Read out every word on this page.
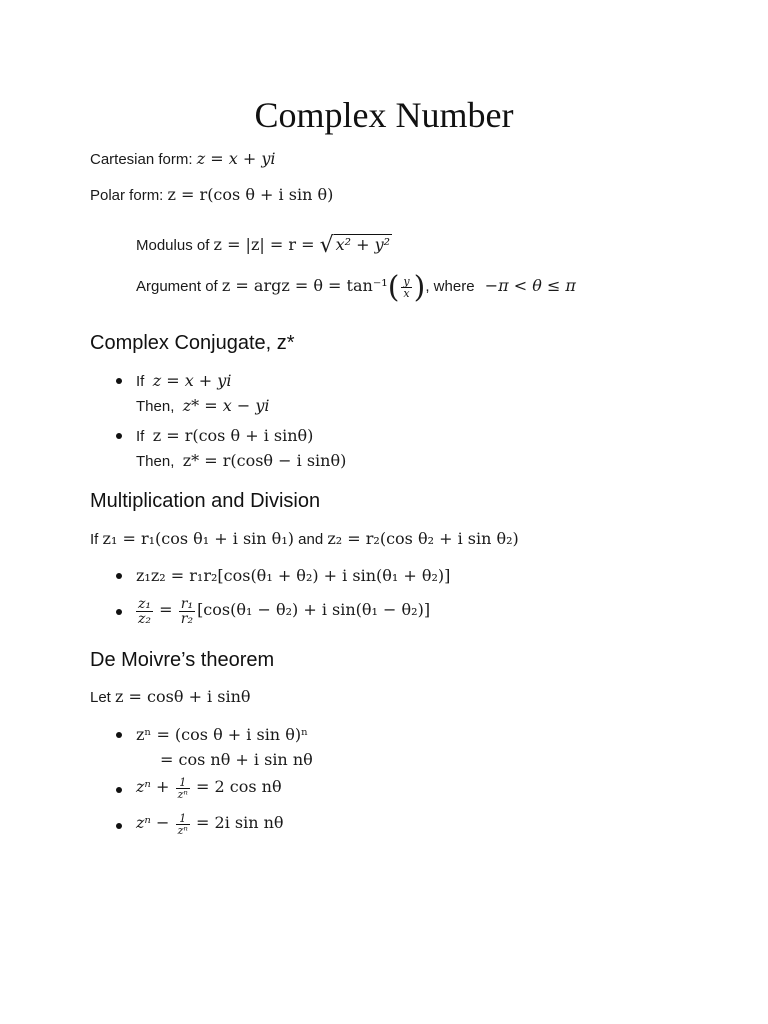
Complex Number
Cartesian form: z = x + yi
Polar form: z = r(cos θ + i sin θ)
Modulus of z = |z| = r = √ x² + y²
Argument of z = argz = $\theta = \tan^{-1}( \frac{y}{x}$ ), where −π < θ ≤ π
Complex Conjugate, z*
If z = x + yi
Then, z* = x − yi
If z = r(cos θ + i sinθ)
Then, z* = r(cosθ − i sinθ)
Multiplication and Division
If z₁ = r₁(cos θ₁ + i sin θ₁) and z₂ = r₂(cos θ₂ + i sin θ₂)
z₁z₂ = r₁r₂[cos(θ₁ + θ₂) + i sin(θ₁ + θ₂)]
$\frac{\text{z₁}}{\text{z₂}} = \frac{\text{r₁}}{\text{r₂}} [\cos(\theta_1 - \theta_2) + i$ sin(θ₁ − θ₂)]
De Moivre’s theorem
Let z = cosθ + i sinθ
zⁿ = (cos θ + i sin θ)ⁿ
= cos nθ + i sin nθ
$z^n + \frac{1}{\text{zⁿ}} = 2$ cos nθ
$z^n - \frac{1}{\text{zⁿ}} = 2i$ sin nθ
